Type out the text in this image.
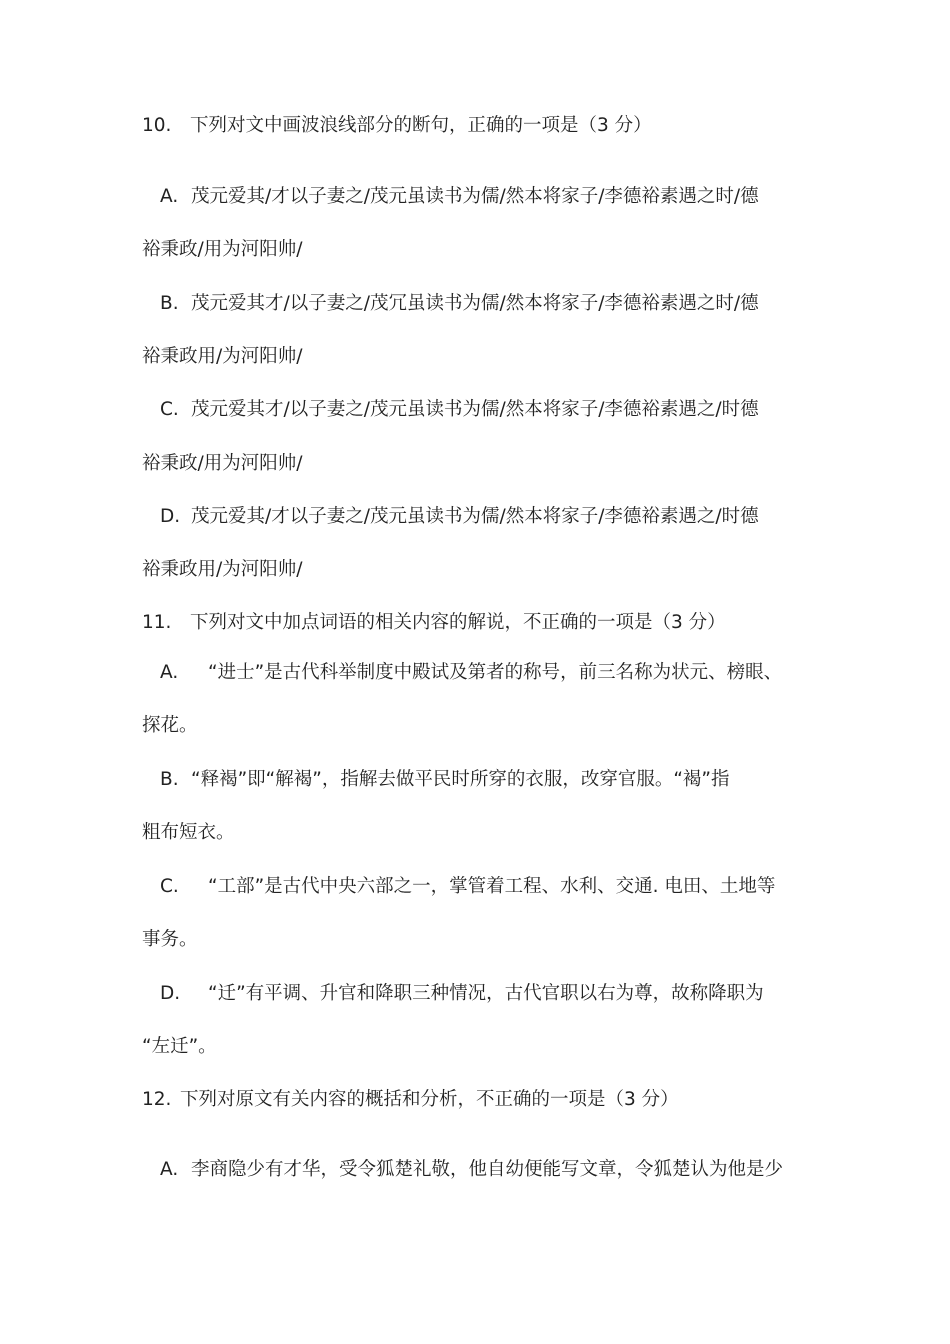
10. 下列对文中画波浪线部分的断句，正确的一项是（3 分）
A. 茂元爱其/才以子妻之/茂元虽读书为儒/然本将家子/李德裕素遇之时/德
裕秉政/用为河阳帅/
B. 茂元爱其才/以子妻之/茂冗虽读书为儒/然本将家子/李德裕素遇之时/德
裕秉政用/为河阳帅/
C. 茂元爱其才/以子妻之/茂元虽读书为儒/然本将家子/李德裕素遇之/时德
裕秉政/用为河阳帅/
D. 茂元爱其/才以子妻之/茂元虽读书为儒/然本将家子/李德裕素遇之/时德
裕秉政用/为河阳帅/
11. 下列对文中加点词语的相关内容的解说，不正确的一项是（3 分）
A. “进士”是古代科举制度中殿试及第者的称号，前三名称为状元、榜眼、
探花。
B. “释褐”即“解褐”，指解去做平民时所穿的衣服，改穿官服。“褐”指
粗布短衣。
C. “工部”是古代中央六部之一，掌管着工程、水利、交通. 电田、土地等
事务。
D. “迁”有平调、升官和降职三种情况，古代官职以右为尊，故称降职为
“左迁”。
12. 下列对原文有关内容的概括和分析，不正确的一项是（3 分）
A. 李商隐少有才华，受令狐楚礼敬，他自幼便能写文章，令狐楚认为他是少
